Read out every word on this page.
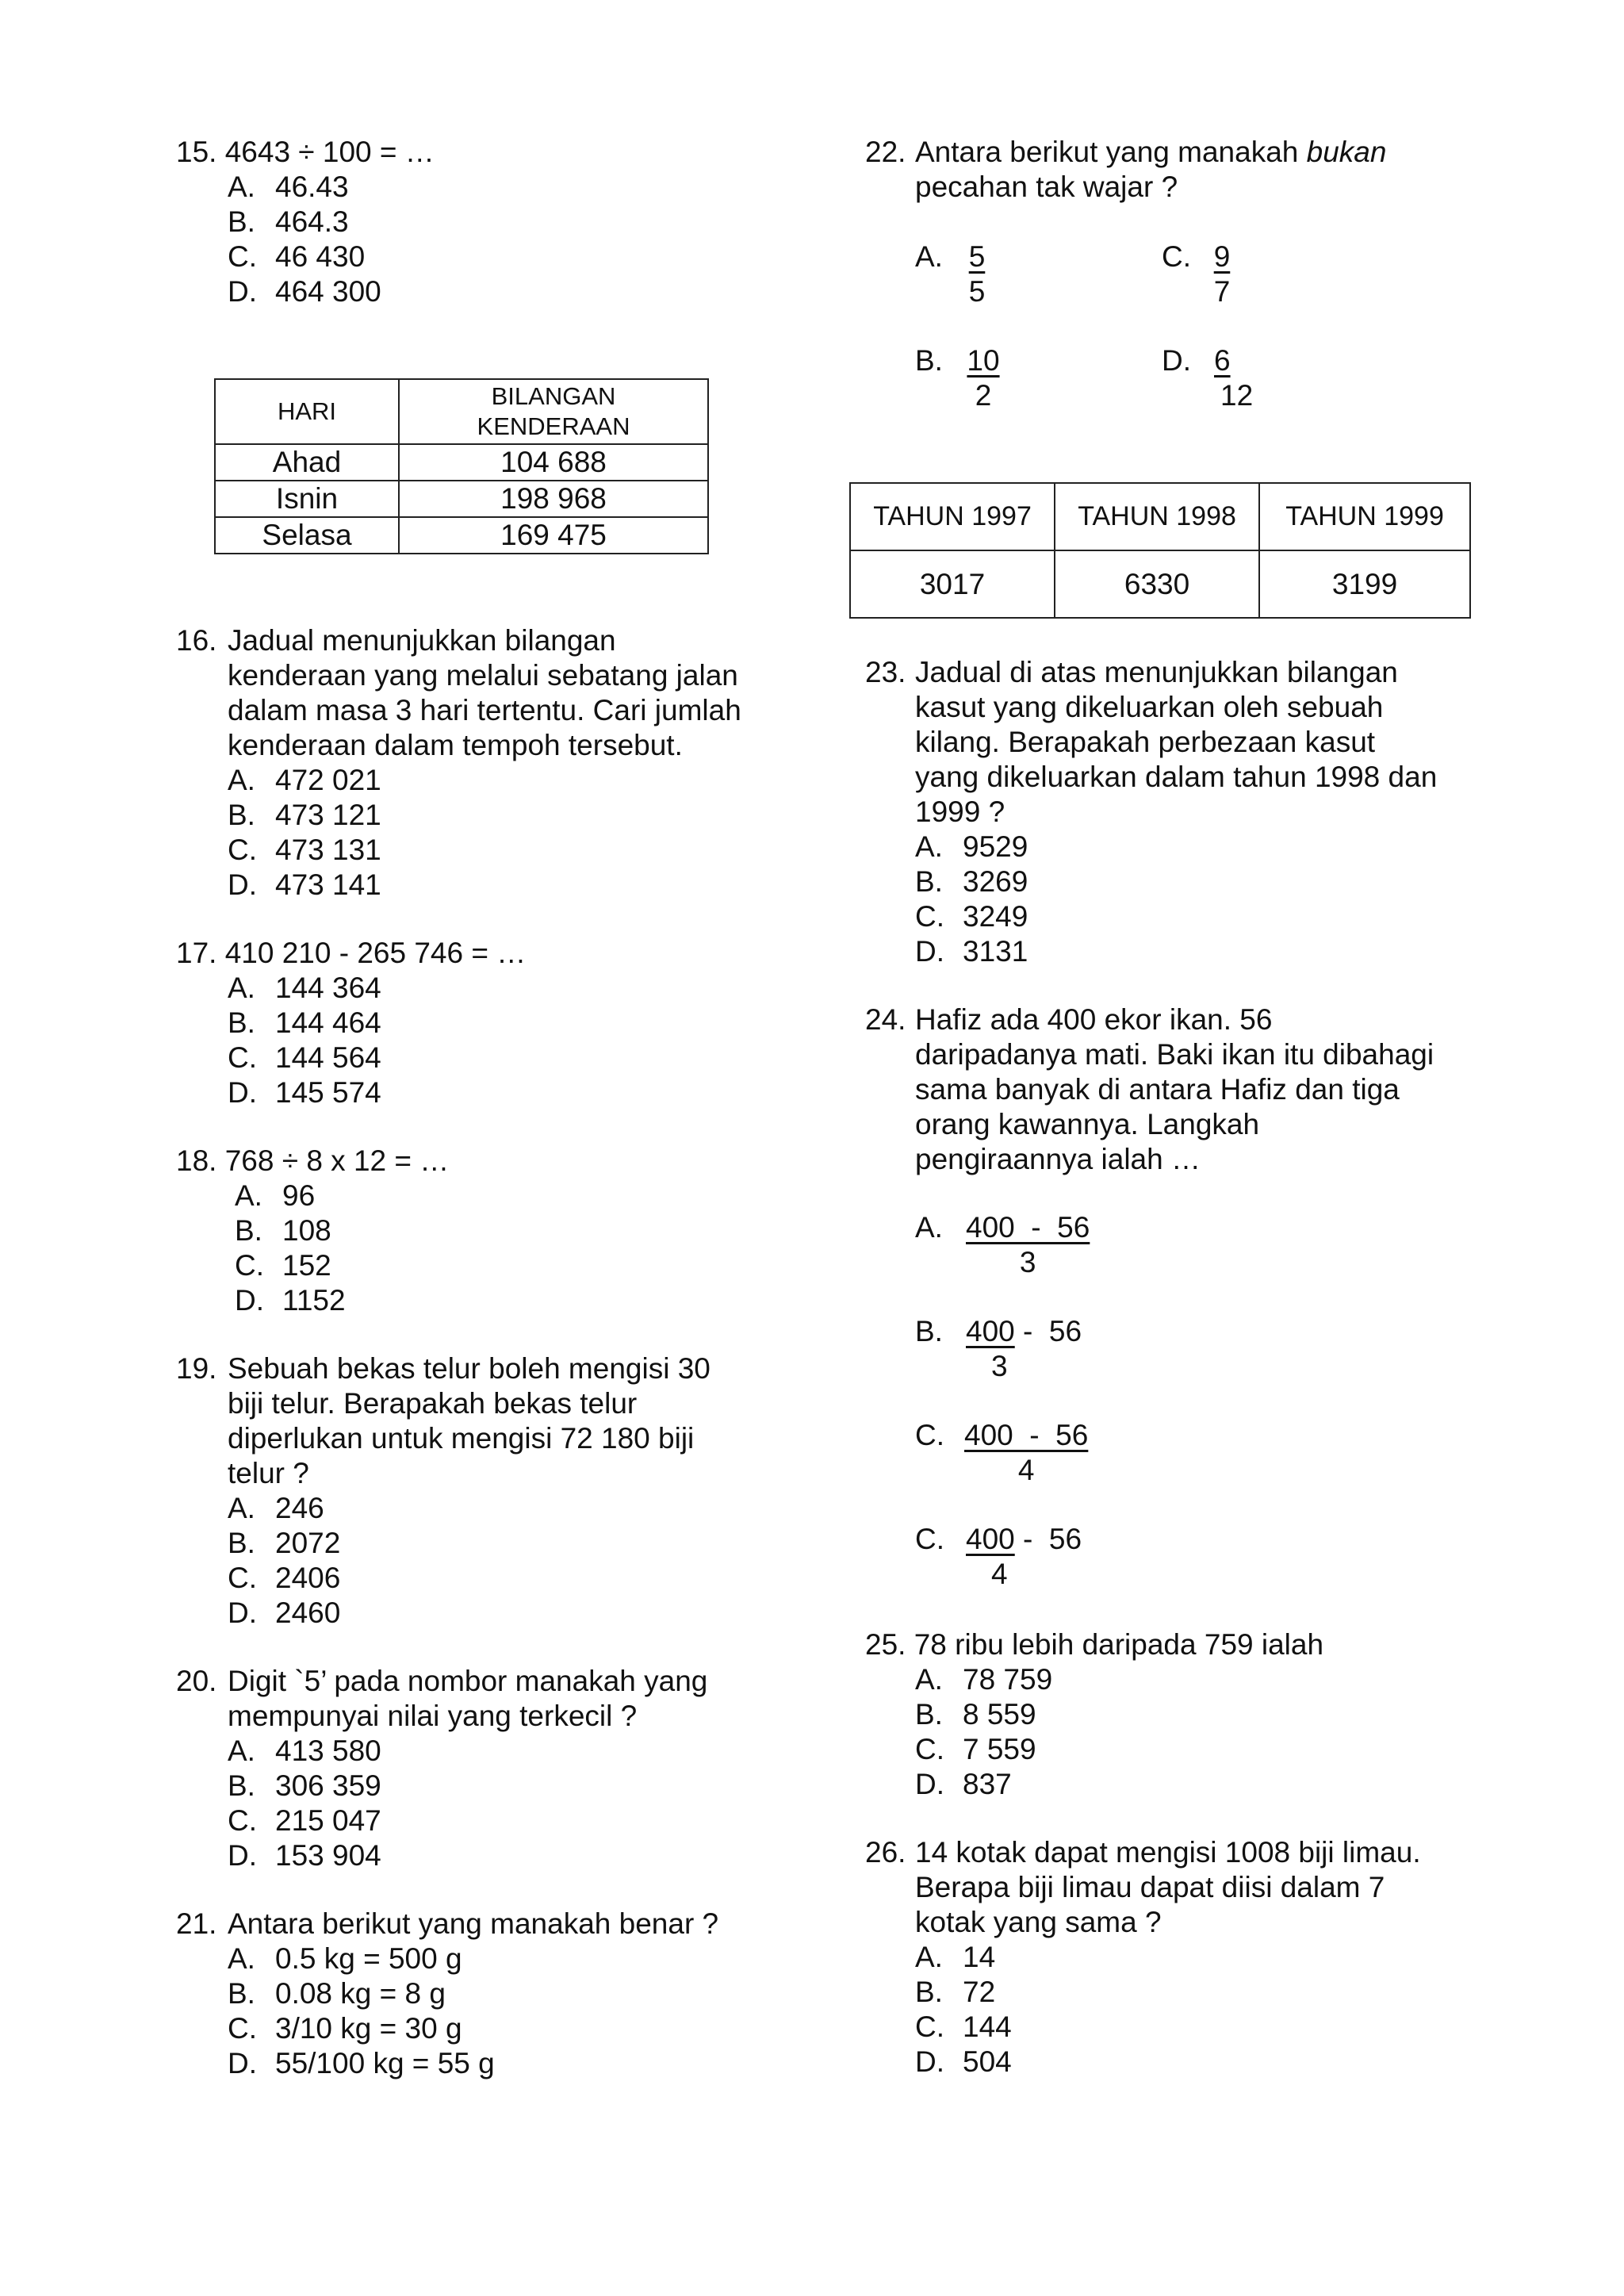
15. 4643 ÷ 100 = …
A. 46.43
B. 464.3
C. 46 430
D. 464 300
HARI	BILANGAN
KENDERAAN
Ahad	104 688
Isnin	198 968
Selasa	169 475
16. Jadual menunjukkan bilangan
kenderaan yang melalui sebatang jalan
dalam masa 3 hari tertentu. Cari jumlah
kenderaan dalam tempoh tersebut.
A. 472 021
B. 473 121
C. 473 131
D. 473 141
17. 410 210 - 265 746 = …
A. 144 364
B. 144 464
C. 144 564
D. 145 574
18. 768 ÷ 8 x 12 = …
A. 96
B. 108
C. 152
D. 1152
19. Sebuah bekas telur boleh mengisi 30
biji telur. Berapakah bekas telur
diperlukan untuk mengisi 72 180 biji
telur ?
A. 246
B. 2072
C. 2406
D. 2460
20. Digit `5’ pada nombor manakah yang
mempunyai nilai yang terkecil ?
A. 413 580
B. 306 359
C. 215 047
D. 153 904
21. Antara berikut yang manakah benar ?
A. 0.5 kg = 500 g
B. 0.08 kg = 8 g
C. 3/10 kg = 30 g
D. 55/100 kg = 55 g
22. Antara berikut yang manakah bukan
pecahan tak wajar ?
A. $\frac{5}{5}$	C. $\frac{9}{7}$
B. $\frac{10}{2}$	D. $\frac{6}{12}$
TAHUN 1997	TAHUN 1998	TAHUN 1999
3017	6330	3199
23. Jadual di atas menunjukkan bilangan
kasut yang dikeluarkan oleh sebuah
kilang. Berapakah perbezaan kasut
yang dikeluarkan dalam tahun 1998 dan
1999 ?
A. 9529
B. 3269
C. 3249
D. 3131
24. Hafiz ada 400 ekor ikan. 56
daripadanya mati. Baki ikan itu dibahagi
sama banyak di antara Hafiz dan tiga
orang kawannya. Langkah
pengiraannya ialah …
A. $\frac{400 - 56}{3}$
B. 400 -  56
3
C. $\frac{400 - 56}{4}$
C. 400 -  56
4
25. 78 ribu lebih daripada 759 ialah
A. 78 759
B. 8 559
C. 7 559
D. 837
26. 14 kotak dapat mengisi 1008 biji limau.
Berapa biji limau dapat diisi dalam 7
kotak yang sama ?
A. 14
B. 72
C. 144
D. 504
